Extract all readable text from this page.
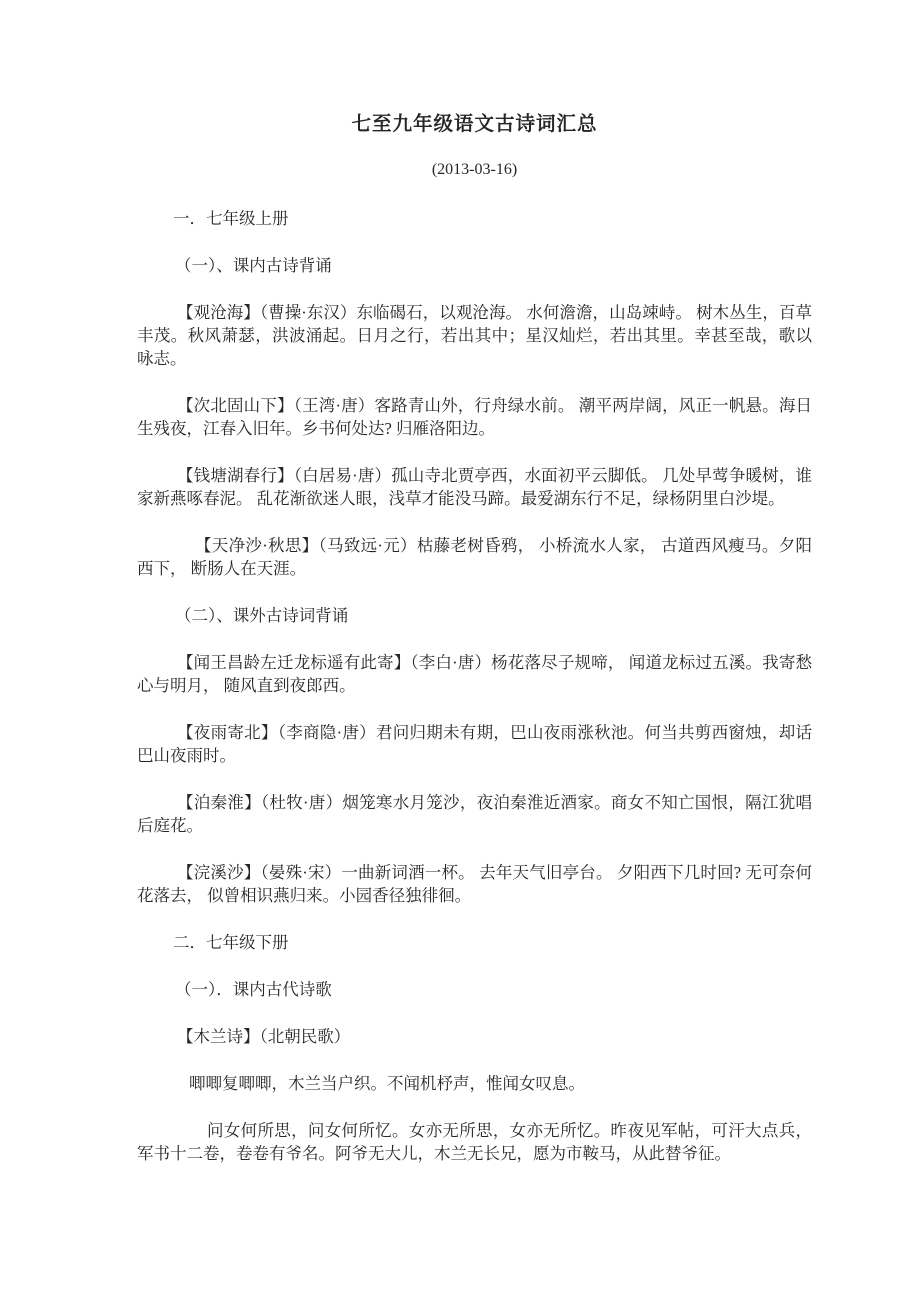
七至九年级语文古诗词汇总

(2013-03-16)

一．七年级上册

（一）、课内古诗背诵

【观沧海】（曹操·东汉）东临碣石，以观沧海。 水何澹澹，山岛竦峙。 树木丛生，百草丰茂。秋风萧瑟，洪波涌起。日月之行，若出其中；星汉灿烂，若出其里。幸甚至哉，歌以咏志。

【次北固山下】（王湾·唐）客路青山外，行舟绿水前。 潮平两岸阔，风正一帆悬。海日生残夜，江春入旧年。乡书何处达? 归雁洛阳边。

【钱塘湖春行】（白居易·唐）孤山寺北贾亭西，水面初平云脚低。 几处早莺争暖树，谁家新燕啄春泥。 乱花渐欲迷人眼，浅草才能没马蹄。最爱湖东行不足，绿杨阴里白沙堤。

【天净沙·秋思】（马致远·元）枯藤老树昏鸦， 小桥流水人家， 古道西风瘦马。夕阳西下， 断肠人在天涯。

（二）、课外古诗词背诵

【闻王昌龄左迁龙标遥有此寄】（李白·唐）杨花落尽子规啼， 闻道龙标过五溪。我寄愁心与明月， 随风直到夜郎西。

【夜雨寄北】（李商隐·唐）君问归期未有期，巴山夜雨涨秋池。何当共剪西窗烛，却话巴山夜雨时。

【泊秦淮】（杜牧·唐）烟笼寒水月笼沙，夜泊秦淮近酒家。商女不知亡国恨，隔江犹唱后庭花。

【浣溪沙】（晏殊·宋）一曲新词酒一杯。 去年天气旧亭台。 夕阳西下几时回? 无可奈何花落去， 似曾相识燕归来。小园香径独徘徊。

二．七年级下册

（一）．课内古代诗歌

【木兰诗】（北朝民歌）

唧唧复唧唧，木兰当户织。不闻机杼声，惟闻女叹息。

问女何所思，问女何所忆。女亦无所思，女亦无所忆。昨夜见军帖，可汗大点兵，军书十二卷，卷卷有爷名。阿爷无大儿，木兰无长兄，愿为市鞍马，从此替爷征。
